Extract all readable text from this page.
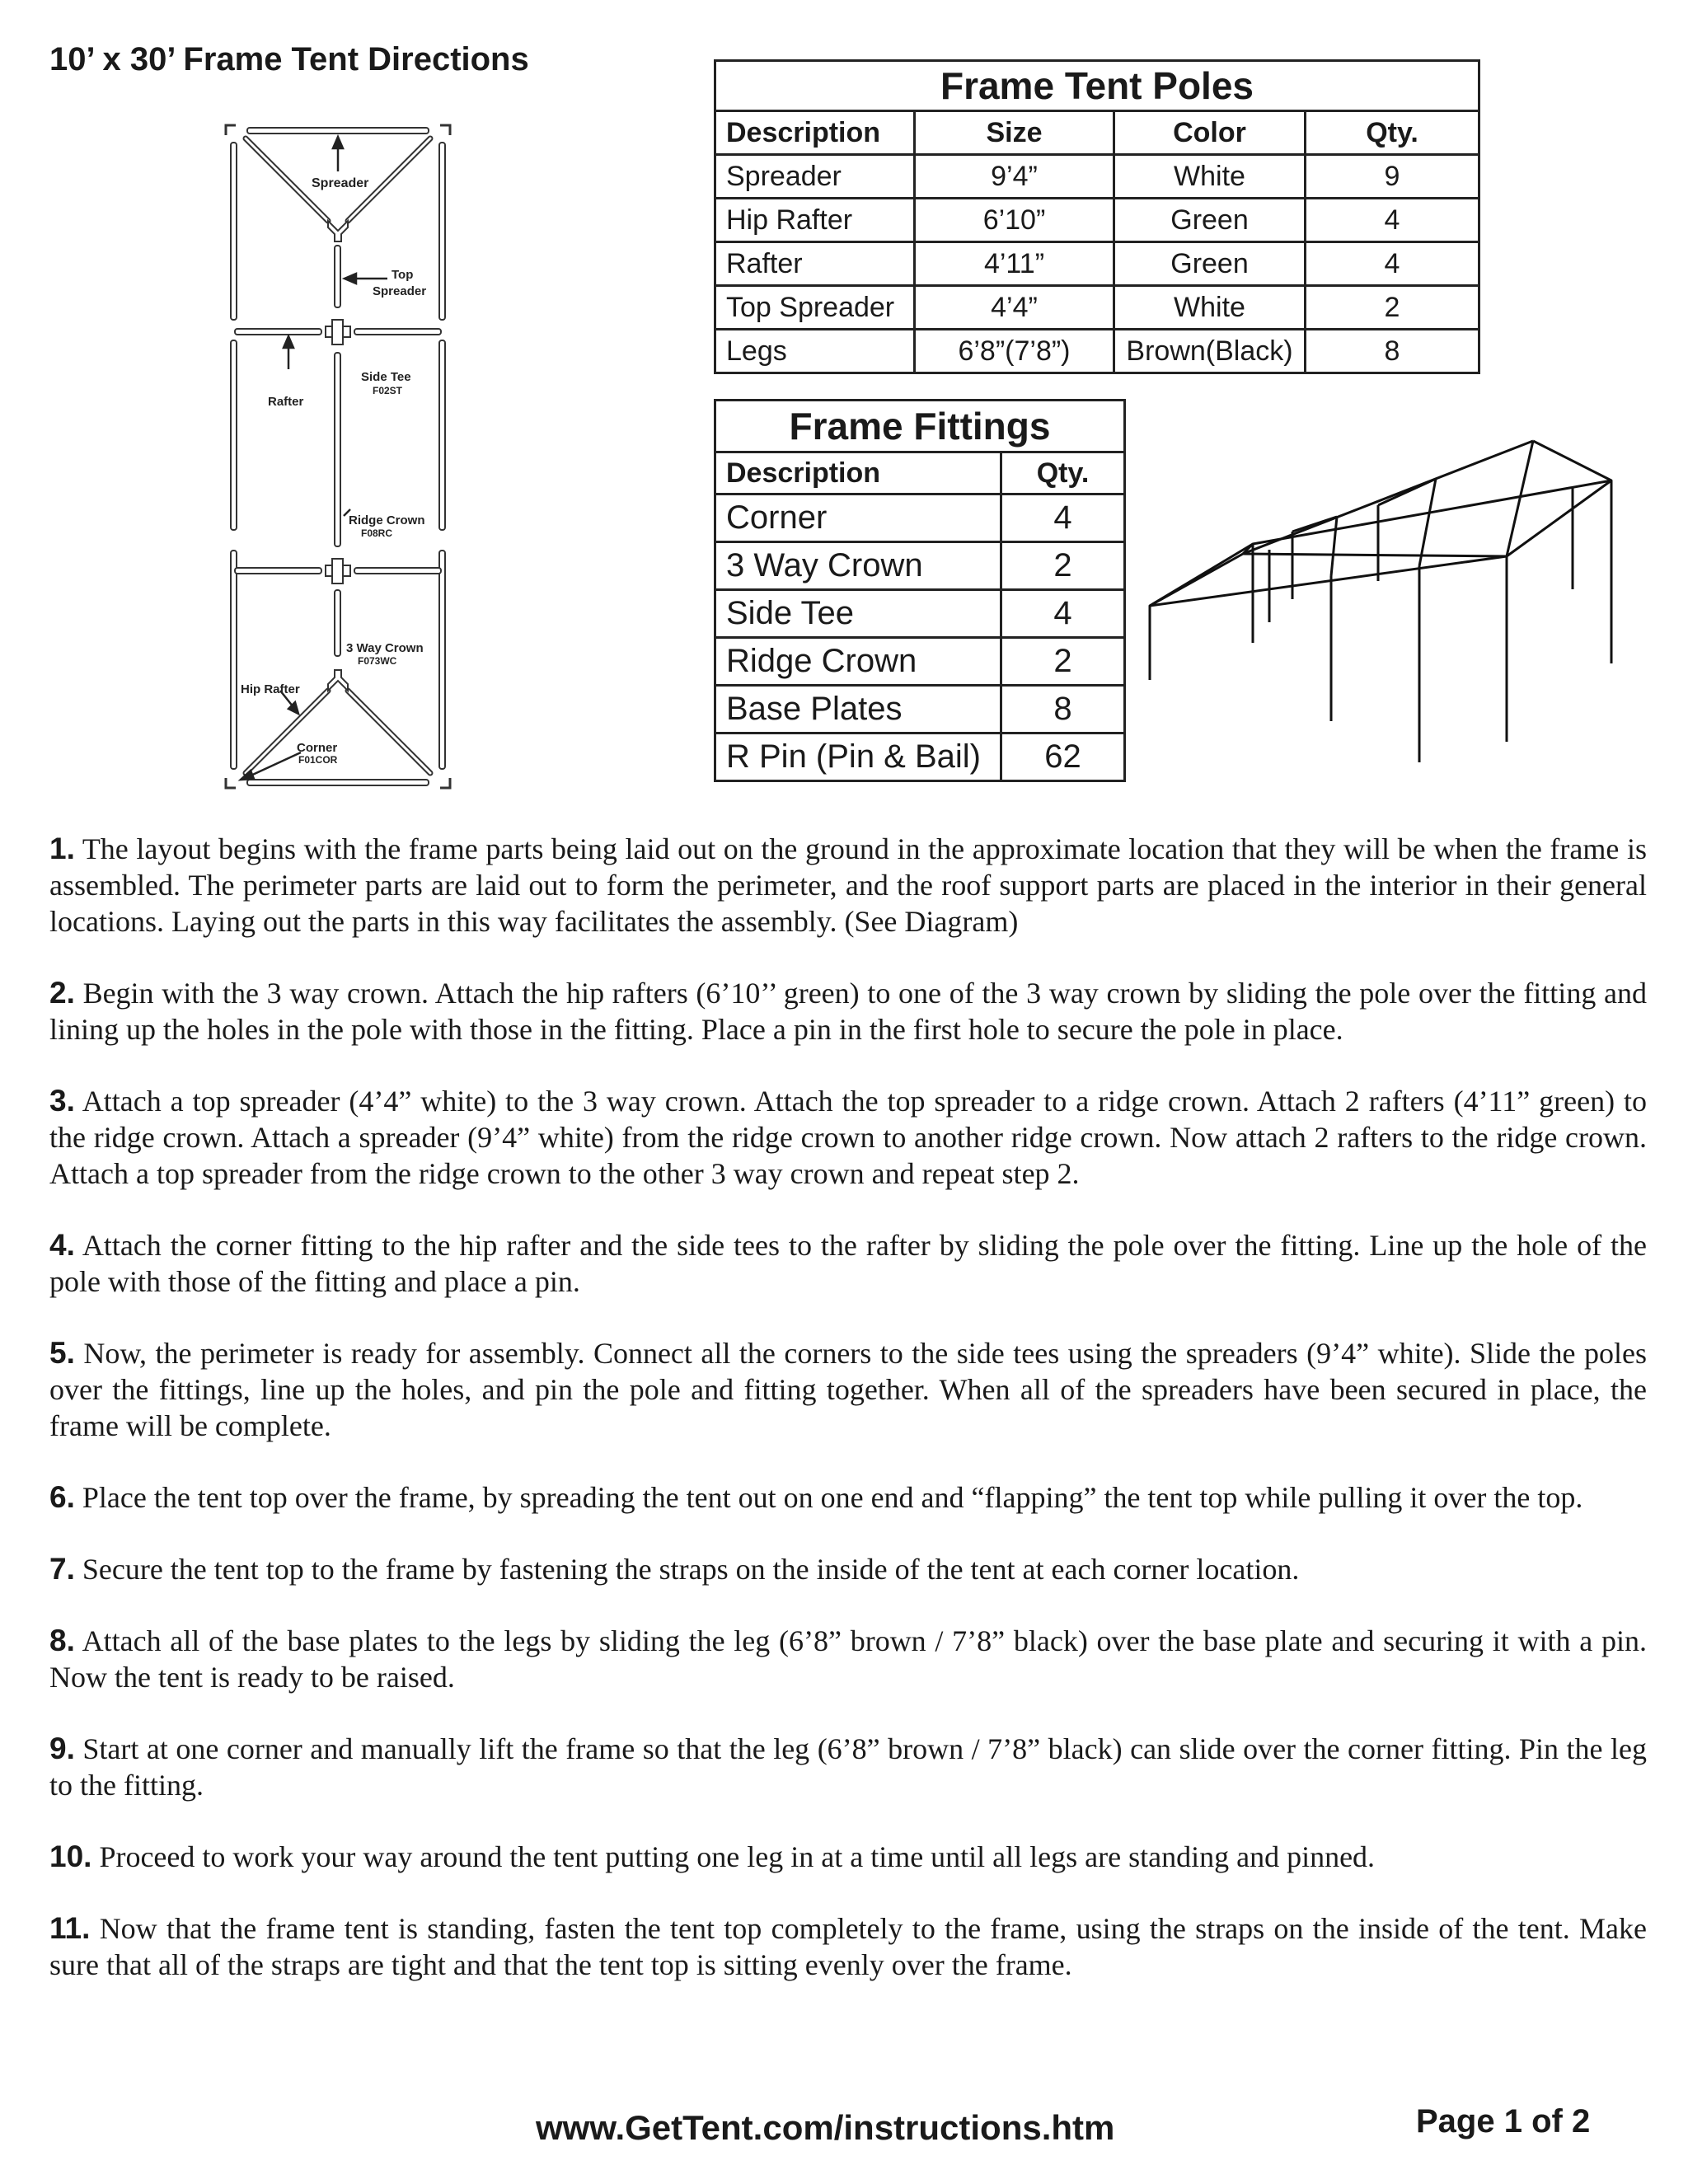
10’ x 30’ Frame Tent Directions
Spreader
Top
Spreader
Side Tee
F02ST
Rafter
Ridge Crown
F08RC
3 Way Crown
F073WC
Hip Rafter
Corner
F01COR
Frame Tent Poles			
Description	Size	Color	Qty.
Spreader	9’4”	White	9
Hip Rafter	6’10”	Green	4
Rafter	4’11”	Green	4
Top Spreader	4’4”	White	2
Legs	6’8”(7’8”)	Brown(Black)	8
Frame Fittings	
Description	Qty.
Corner	4
3 Way Crown	2
Side Tee	4
Ridge Crown	2
Base Plates	8
R Pin (Pin & Bail)	62

1. The layout begins with the frame parts being laid out on the ground in the approximate location that they will be when the frame is assembled. The perimeter parts are laid out to form the perimeter, and the roof support parts are placed in the interior in their general locations. Laying out the parts in this way facilitates the assembly. (See Diagram)

2. Begin with the 3 way crown. Attach the hip rafters (6’10’’ green) to one of the 3 way crown by sliding the pole over the fitting and lining up the holes in the pole with those in the fitting. Place a pin in the first hole to secure the pole in place.

3. Attach a top spreader (4’4” white) to the 3 way crown. Attach the top spreader to a ridge crown. Attach 2 rafters (4’11” green) to the ridge crown. Attach a spreader (9’4” white) from the ridge crown to another ridge crown. Now attach 2 rafters to the ridge crown. Attach a top spreader from the ridge crown to the other 3 way crown and repeat step 2.

4. Attach the corner fitting to the hip rafter and the side tees to the rafter by sliding the pole over the fitting. Line up the hole of the pole with those of the fitting and place a pin.

5. Now, the perimeter is ready for assembly. Connect all the corners to the side tees using the spreaders (9’4” white). Slide the poles over the fittings, line up the holes, and pin the pole and fitting together. When all of the spreaders have been secured in place, the frame will be complete.

6. Place the tent top over the frame, by spreading the tent out on one end and “flapping” the tent top while pulling it over the top.

7. Secure the tent top to the frame by fastening the straps on the inside of the tent at each corner location.

8. Attach all of the base plates to the legs by sliding the leg (6’8” brown / 7’8” black) over the base plate and securing it with a pin. Now the tent is ready to be raised.

9. Start at one corner and manually lift the frame so that the leg (6’8” brown / 7’8” black) can slide over the corner fitting. Pin the leg to the fitting.

10. Proceed to work your way around the tent putting one leg in at a time until all legs are standing and pinned.

11. Now that the frame tent is standing, fasten the tent top completely to the frame, using the straps on the inside of the tent. Make sure that all of the straps are tight and that the tent top is sitting evenly over the frame.

www.GetTent.com/instructions.htm	Page 1 of 2
